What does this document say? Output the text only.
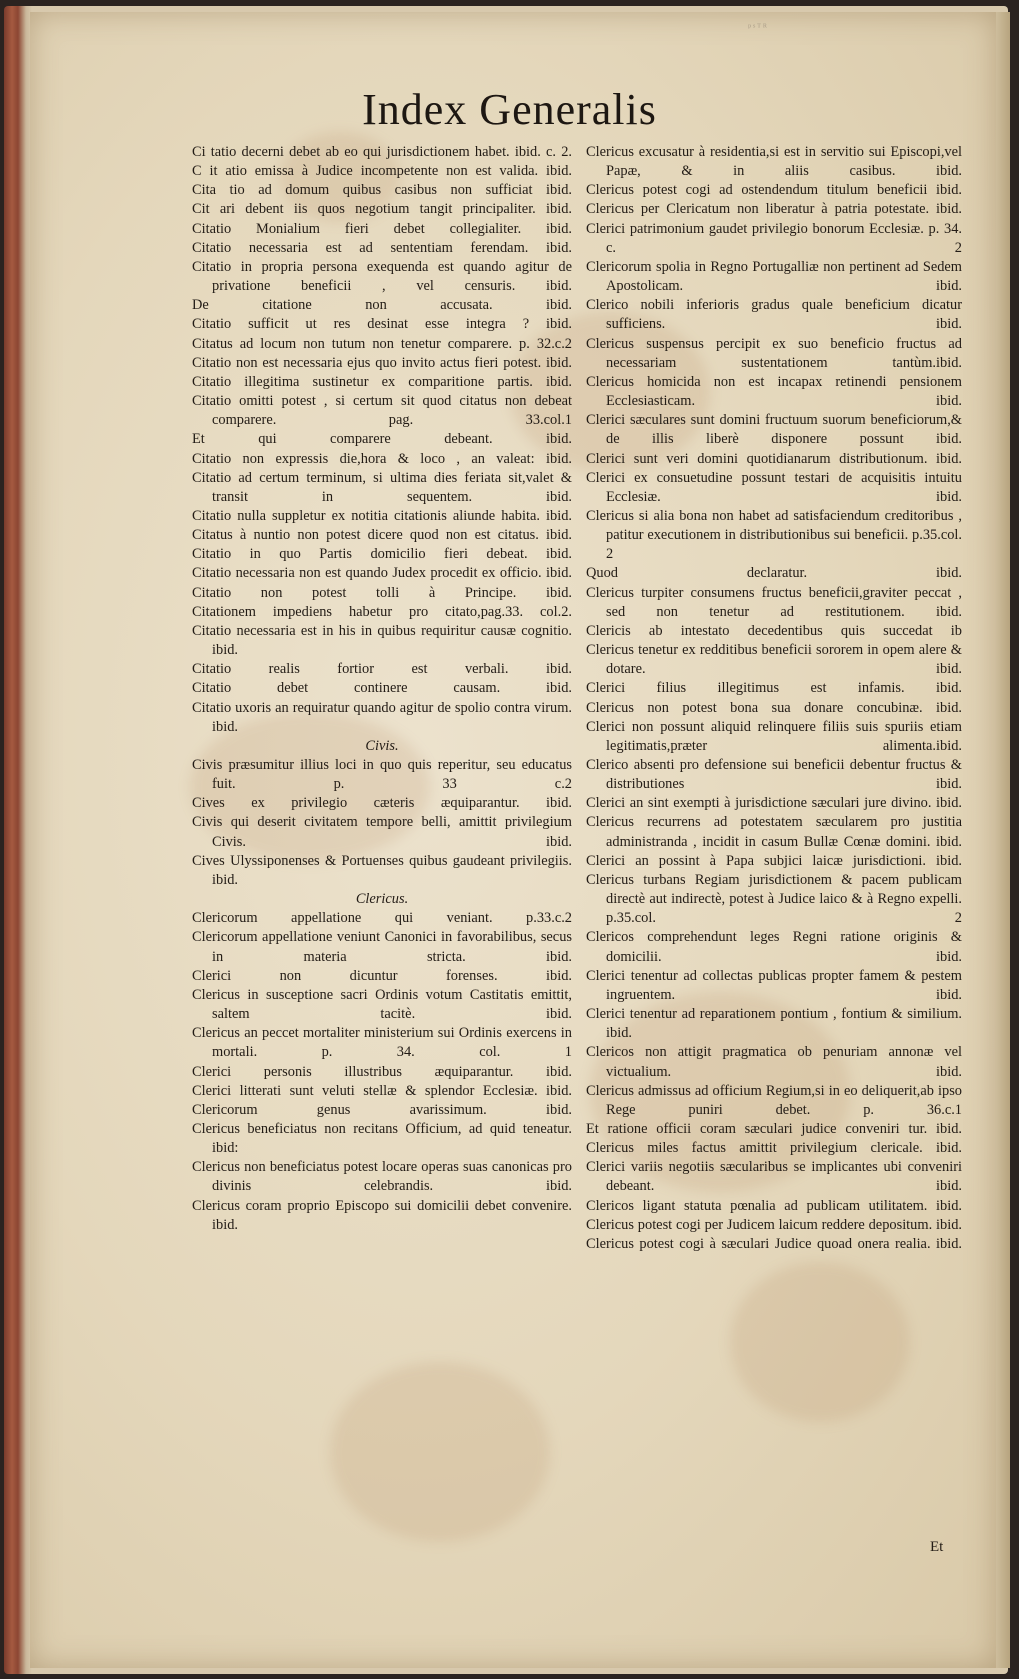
ᵖˢᵀᴿ
Index Generalis
Ci tatio decerni debet ab eo qui jurisdictionem habet. ibid. c. 2.
C it atio emissa à Judice incompetente non est valida. ibid.
Cita tio ad domum quibus casibus non sufficiat ibid.
Cit ari debent iis quos negotium tangit principaliter. ibid.
Citatio Monialium fieri debet collegialiter. ibid.
Citatio necessaria est ad sententiam ferendam. ibid.
Citatio in propria persona exequenda est quando agitur de privatione beneficii , vel censuris. ibid.
De citatione non accusata. ibid.
Citatio sufficit ut res desinat esse integra ? ibid.
Citatus ad locum non tutum non tenetur comparere. p. 32.c.2
Citatio non est necessaria ejus quo invito actus fieri potest. ibid.
Citatio illegitima sustinetur ex comparitione partis. ibid.
Citatio omitti potest , si certum sit quod citatus non debeat comparere. pag. 33.col.1
Et qui comparere debeant. ibid.
Citatio non expressis die,hora & loco , an valeat: ibid.
Citatio ad certum terminum, si ultima dies feriata sit,valet & transit in sequentem. ibid.
Citatio nulla suppletur ex notitia citationis aliunde habita. ibid.
Citatus à nuntio non potest dicere quod non est citatus. ibid.
Citatio in quo Partis domicilio fieri debeat. ibid.
Citatio necessaria non est quando Judex procedit ex officio. ibid.
Citatio non potest tolli à Principe. ibid.
Citationem impediens habetur pro citato,pag.33. col.2.
Citatio necessaria est in his in quibus requiritur causæ cognitio. ibid.
Citatio realis fortior est verbali. ibid.
Citatio debet continere causam. ibid.
Citatio uxoris an requiratur quando agitur de spolio contra virum. ibid.
Civis.
Civis præsumitur illius loci in quo quis reperitur, seu educatus fuit. p. 33 c.2
Cives ex privilegio cæteris æquiparantur. ibid.
Civis qui deserit civitatem tempore belli, amittit privilegium Civis. ibid.
Cives Ulyssiponenses & Portuenses quibus gaudeant privilegiis. ibid.
Clericus.
Clericorum appellatione qui veniant. p.33.c.2
Clericorum appellatione veniunt Canonici in favorabilibus, secus in materia stricta. ibid.
Clerici non dicuntur forenses. ibid.
Clericus in susceptione sacri Ordinis votum Castitatis emittit, saltem tacitè. ibid.
Clericus an peccet mortaliter ministerium sui Ordinis exercens in mortali. p. 34. col. 1
Clerici personis illustribus æquiparantur. ibid.
Clerici litterati sunt veluti stellæ & splendor Ecclesiæ. ibid.
Clericorum genus avarissimum. ibid.
Clericus beneficiatus non recitans Officium, ad quid teneatur. ibid:
Clericus non beneficiatus potest locare operas suas canonicas pro divinis celebrandis. ibid.
Clericus coram proprio Episcopo sui domicilii debet convenire. ibid.
Clericus excusatur à residentia,si est in servitio sui Episcopi,vel Papæ, & in aliis casibus. ibid.
Clericus potest cogi ad ostendendum titulum beneficii ibid.
Clericus per Clericatum non liberatur à patria potestate. ibid.
Clerici patrimonium gaudet privilegio bonorum Ecclesiæ. p. 34. c. 2
Clericorum spolia in Regno Portugalliæ non pertinent ad Sedem Apostolicam. ibid.
Clerico nobili inferioris gradus quale beneficium dicatur sufficiens. ibid.
Clericus suspensus percipit ex suo beneficio fructus ad necessariam sustentationem tantùm.ibid.
Clericus homicida non est incapax retinendi pensionem Ecclesiasticam. ibid.
Clerici sæculares sunt domini fructuum suorum beneficiorum,& de illis liberè disponere possunt ibid.
Clerici sunt veri domini quotidianarum distributionum. ibid.
Clerici ex consuetudine possunt testari de acquisitis intuitu Ecclesiæ. ibid.
Clericus si alia bona non habet ad satisfaciendum creditoribus , patitur executionem in distributionibus sui beneficii. p.35.col. 2
Quod declaratur. ibid.
Clericus turpiter consumens fructus beneficii,graviter peccat , sed non tenetur ad restitutionem. ibid.
Clericis ab intestato decedentibus quis succedat ib
Clericus tenetur ex redditibus beneficii sororem in opem alere & dotare. ibid.
Clerici filius illegitimus est infamis. ibid.
Clericus non potest bona sua donare concubinæ. ibid.
Clerici non possunt aliquid relinquere filiis suis spuriis etiam legitimatis,præter alimenta.ibid.
Clerico absenti pro defensione sui beneficii debentur fructus & distributiones ibid.
Clerici an sint exempti à jurisdictione sæculari jure divino. ibid.
Clericus recurrens ad potestatem sæcularem pro justitia administranda , incidit in casum Bullæ Cœnæ domini. ibid.
Clerici an possint à Papa subjici laicæ jurisdictioni. ibid.
Clericus turbans Regiam jurisdictionem & pacem publicam directè aut indirectè, potest à Judice laico & à Regno expelli. p.35.col. 2
Clericos comprehendunt leges Regni ratione originis & domicilii. ibid.
Clerici tenentur ad collectas publicas propter famem & pestem ingruentem. ibid.
Clerici tenentur ad reparationem pontium , fontium & similium. ibid.
Clericos non attigit pragmatica ob penuriam annonæ vel victualium. ibid.
Clericus admissus ad officium Regium,si in eo deliquerit,ab ipso Rege puniri debet. p. 36.c.1
Et ratione officii coram sæculari judice conveniri tur. ibid.
Clericus miles factus amittit privilegium clericale. ibid.
Clerici variis negotiis sæcularibus se implicantes ubi conveniri debeant. ibid.
Clericos ligant statuta pœnalia ad publicam utilitatem. ibid.
Clericus potest cogi per Judicem laicum reddere depositum. ibid.
Clericus potest cogi à sæculari Judice quoad onera realia. ibid.
Et
